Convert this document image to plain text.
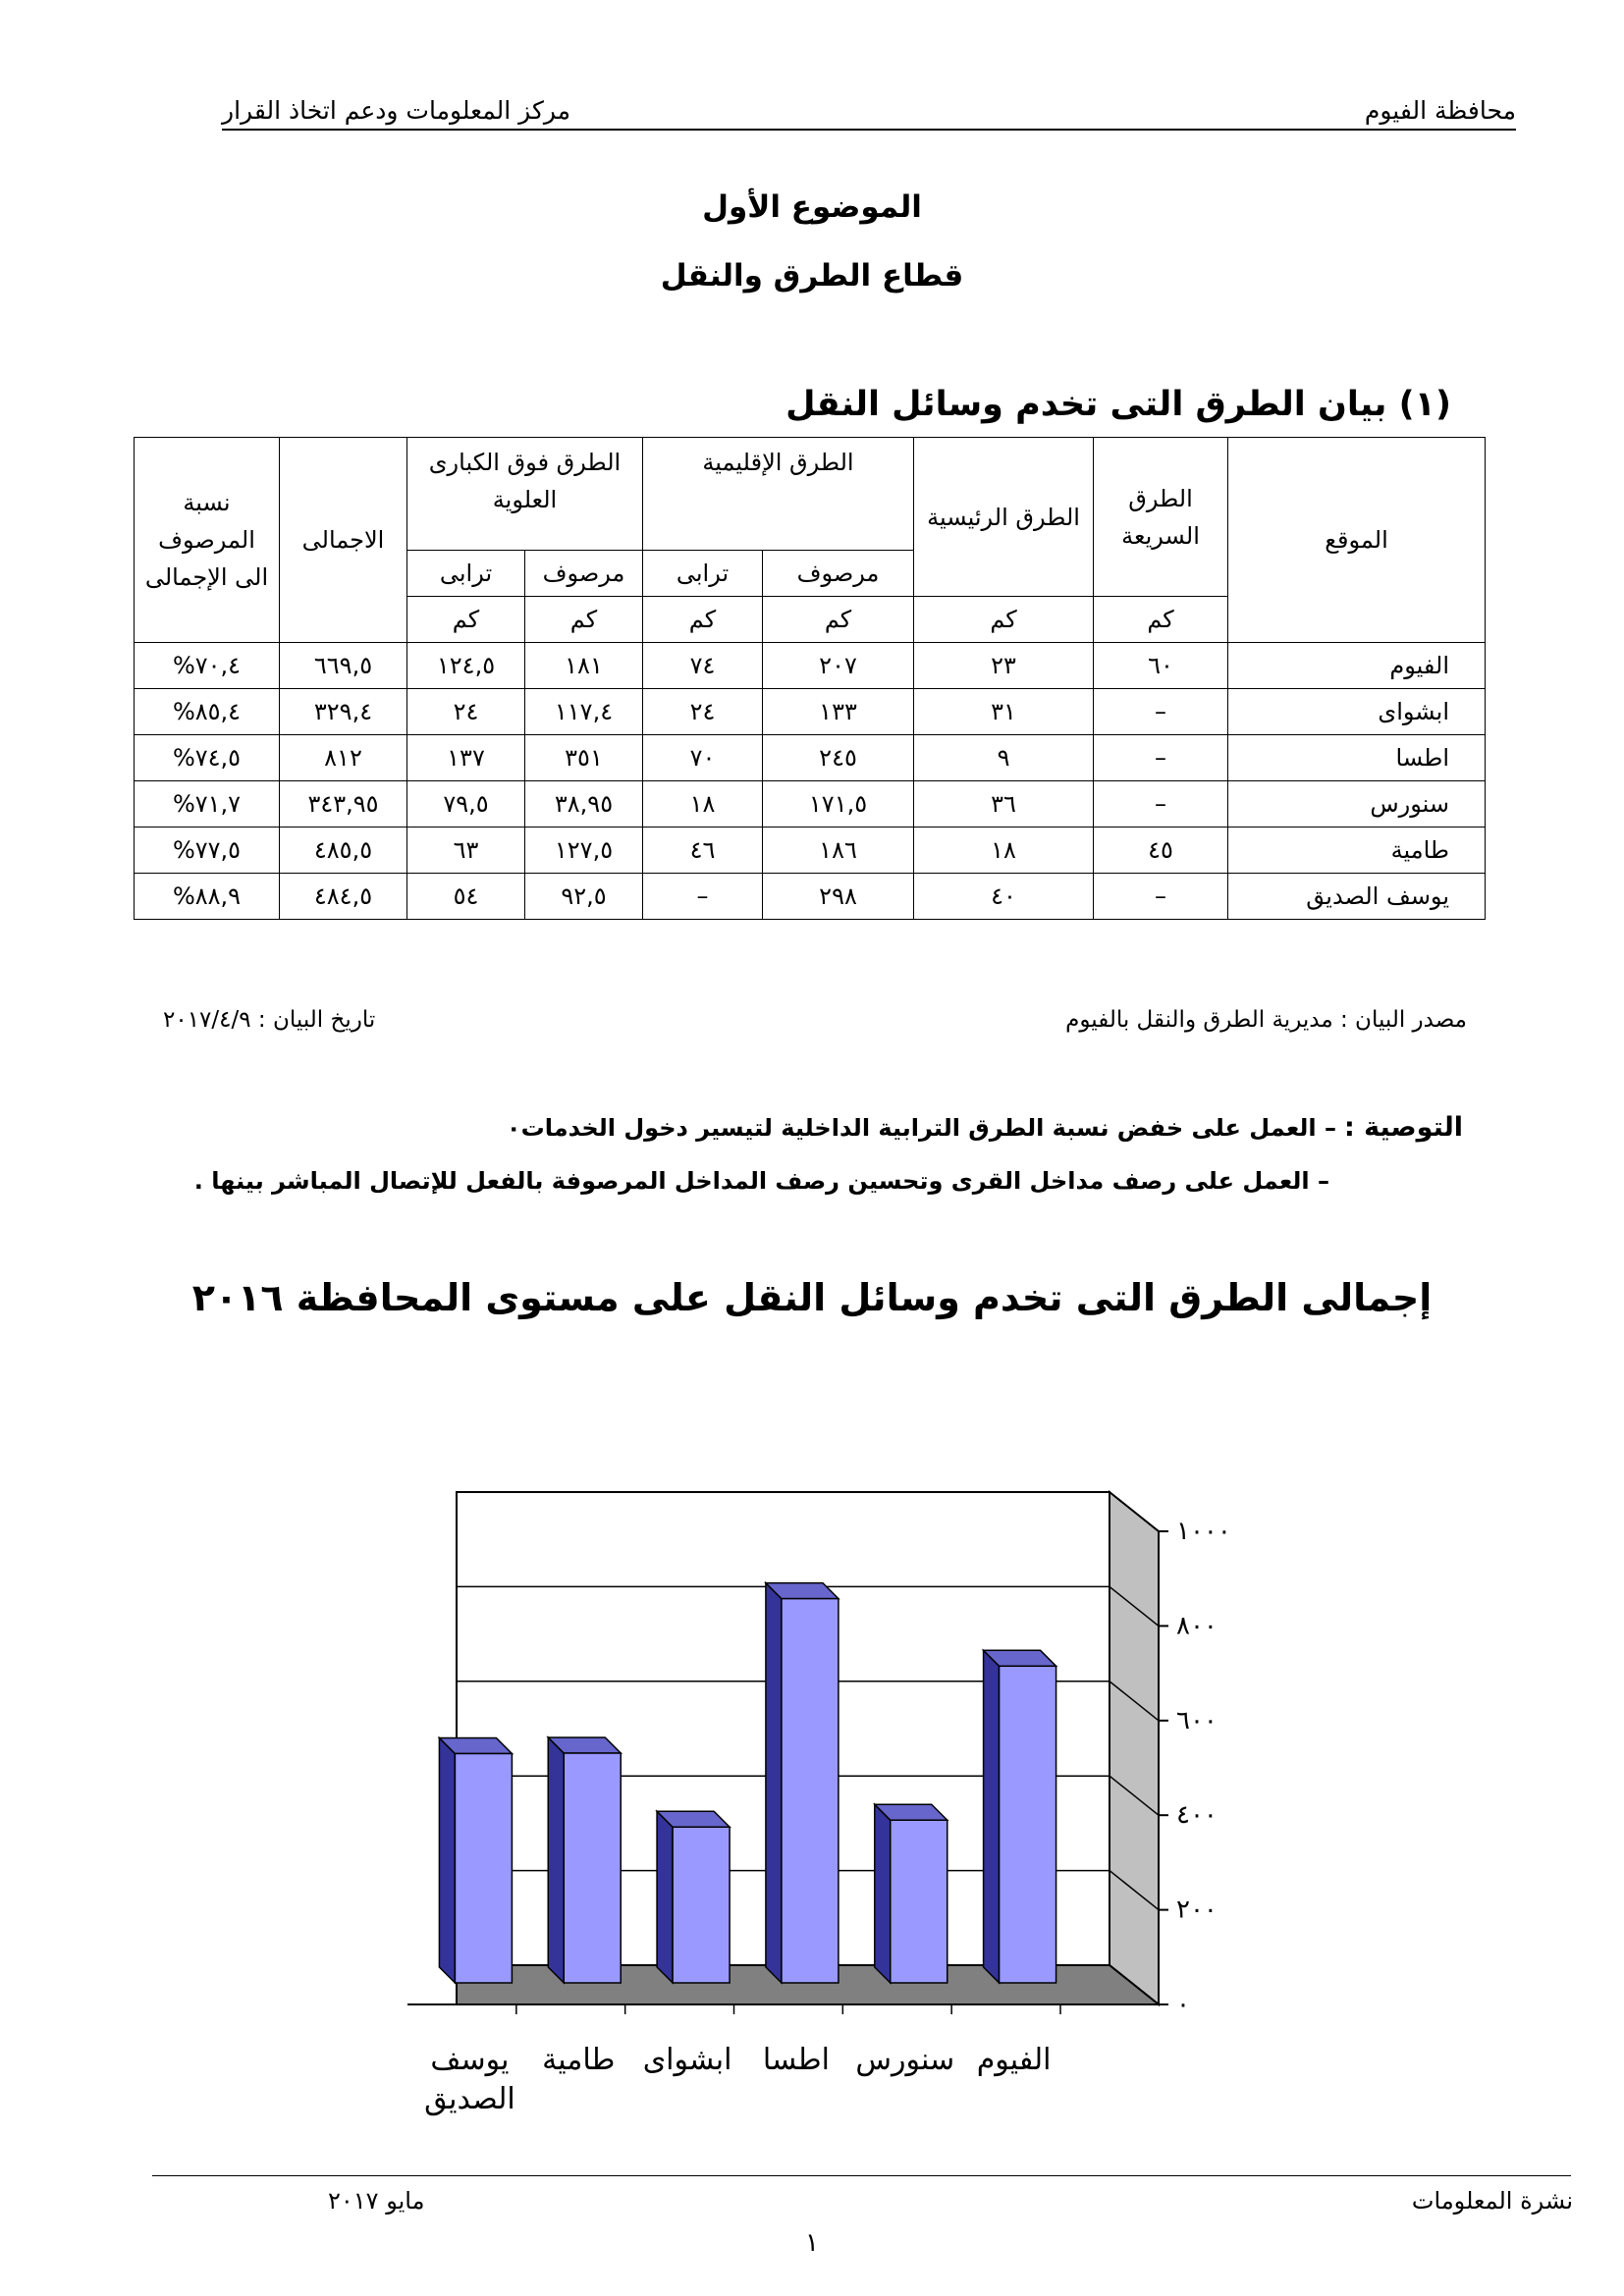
محافظة الفيوم
مركز المعلومات ودعم اتخاذ القرار
الموضوع الأول
قطاع الطرق والنقل
(١) بيان الطرق التى تخدم وسائل النقل
الموقع	الطرق السريعة	الطرق الرئيسية	الطرق الإقليمية		الطرق فوق الكبارى العلوية		الاجمالى	نسبة المرصوف الى الإجمالى
			مرصوف	ترابى	مرصوف	ترابى		
	كم	كم	كم	كم	كم	كم		
الفيوم	٦٠	٢٣	٢٠٧	٧٤	١٨١	١٢٤,٥	٦٦٩,٥	٧٠,٤%
ابشواى	–	٣١	١٣٣	٢٤	١١٧,٤	٢٤	٣٢٩,٤	٨٥,٤%
اطسا	–	٩	٢٤٥	٧٠	٣٥١	١٣٧	٨١٢	٧٤,٥%
سنورس	–	٣٦	١٧١,٥	١٨	٣٨,٩٥	٧٩,٥	٣٤٣,٩٥	٧١,٧%
طامية	٤٥	١٨	١٨٦	٤٦	١٢٧,٥	٦٣	٤٨٥,٥	٧٧,٥%
يوسف الصديق	–	٤٠	٢٩٨	–	٩٢,٥	٥٤	٤٨٤,٥	٨٨,٩%
مصدر البيان : مديرية الطرق والنقل بالفيوم
تاريخ البيان : ٢٠١٧/٤/٩
التوصية :– العمل على خفض نسبة الطرق الترابية الداخلية لتيسير دخول الخدمات٠
– العمل على رصف مداخل القرى وتحسين رصف المداخل المرصوفة بالفعل للإتصال المباشر بينها .
إجمالى الطرق التى تخدم وسائل النقل على مستوى المحافظة ٢٠١٦
٠
٢٠٠
٤٠٠
٦٠٠
٨٠٠
١٠٠٠
الفيوم
سنورس
اطسا
ابشواى
طامية
يوسف
الصديق
نشرة المعلومات
مايو ٢٠١٧
١
